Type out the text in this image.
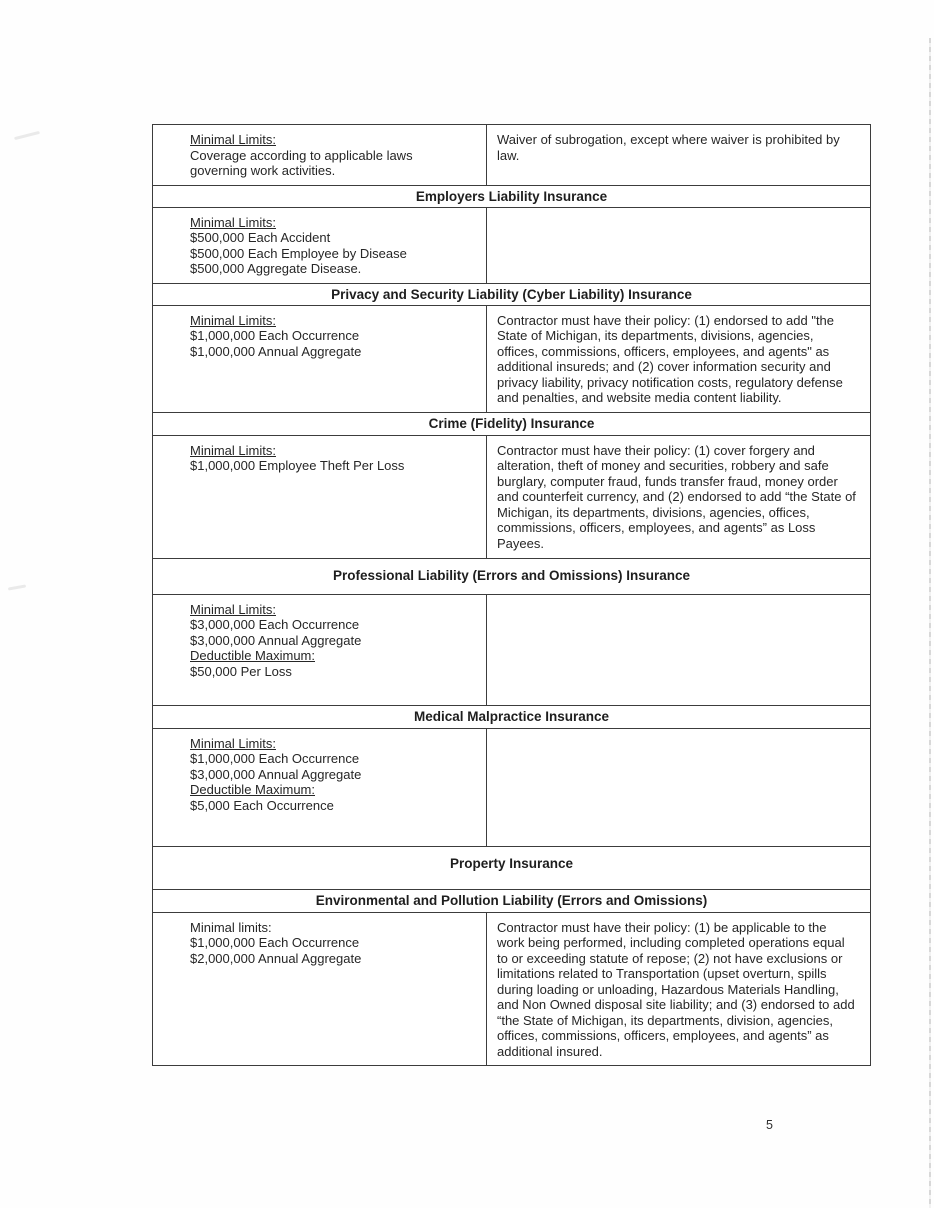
Minimal Limits:

Coverage according to applicable laws

governing work activities.

Waiver of subrogation, except where waiver is prohibited by law.

Employers Liability Insurance

Minimal Limits:

$500,000 Each Accident

$500,000 Each Employee by Disease

$500,000 Aggregate Disease.

Privacy and Security Liability (Cyber Liability) Insurance

Minimal Limits:

$1,000,000 Each Occurrence

$1,000,000 Annual Aggregate

Contractor must have their policy: (1) endorsed to add "the State of Michigan, its departments, divisions, agencies, offices, commissions, officers, employees, and agents" as additional insureds; and (2) cover information security and privacy liability, privacy notification costs, regulatory defense and penalties, and website media content liability.

Crime (Fidelity) Insurance

Minimal Limits:

$1,000,000 Employee Theft Per Loss

Contractor must have their policy: (1) cover forgery and alteration, theft of money and securities, robbery and safe burglary, computer fraud, funds transfer fraud, money order and counterfeit currency, and (2) endorsed to add “the State of Michigan, its departments, divisions, agencies, offices, commissions, officers, employees, and agents” as Loss Payees.

Professional Liability (Errors and Omissions) Insurance

Minimal Limits:

$3,000,000 Each Occurrence

$3,000,000 Annual Aggregate

Deductible Maximum:

$50,000 Per Loss

Medical Malpractice Insurance

Minimal Limits:

$1,000,000 Each Occurrence

$3,000,000 Annual Aggregate

Deductible Maximum:

$5,000 Each Occurrence

Property Insurance
Environmental and Pollution Liability (Errors and Omissions)

Minimal limits:

$1,000,000 Each Occurrence

$2,000,000 Annual Aggregate

Contractor must have their policy: (1) be applicable to the work being performed, including completed operations equal to or exceeding statute of repose; (2) not have exclusions or limitations related to Transportation (upset overturn, spills during loading or unloading, Hazardous Materials Handling, and Non Owned disposal site liability; and (3) endorsed to add “the State of Michigan, its departments, division, agencies, offices, commissions, officers, employees, and agents” as additional insured.

5
